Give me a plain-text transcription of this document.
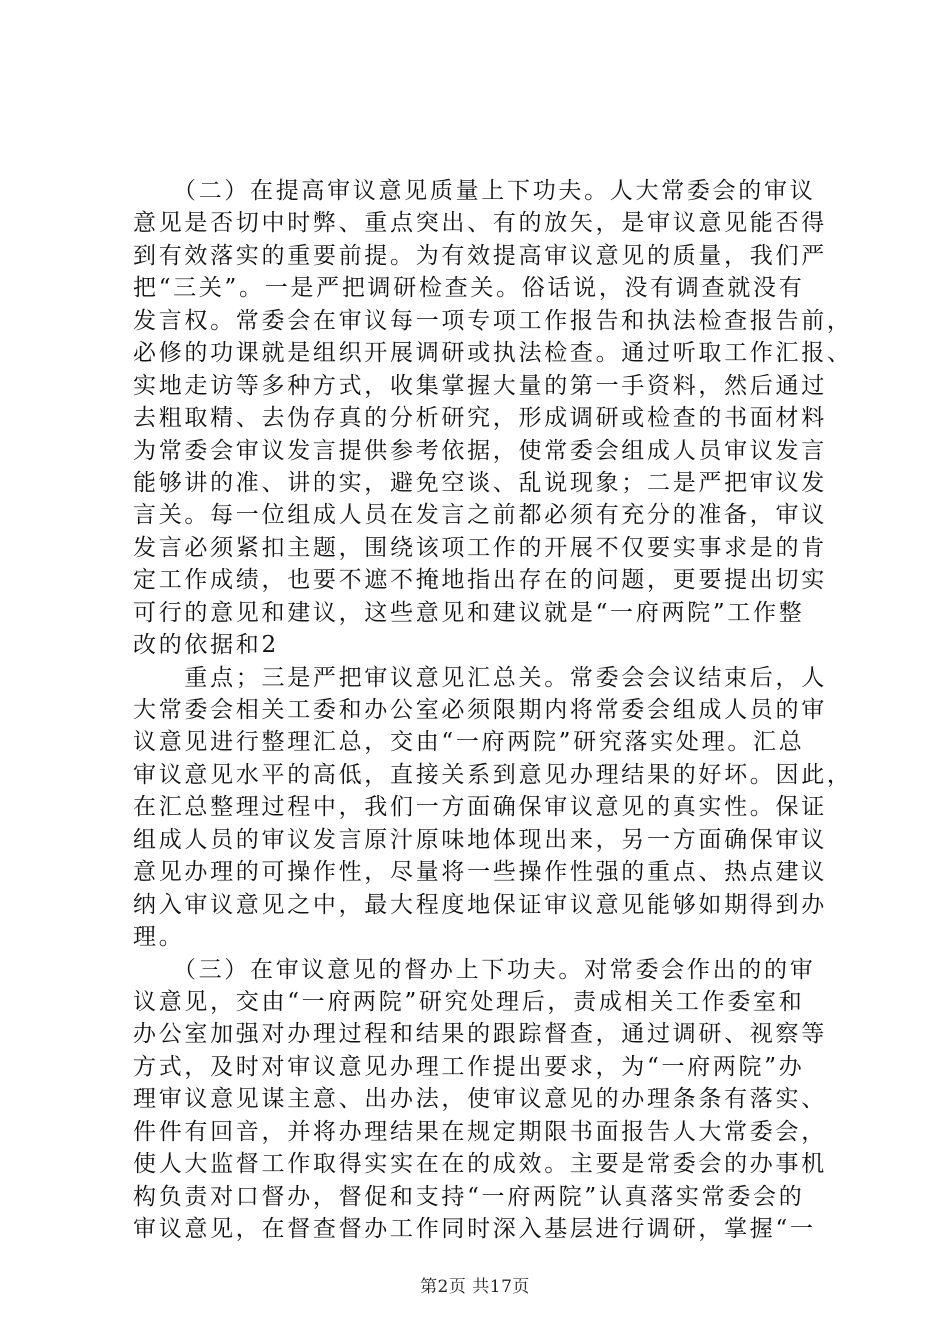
　　（二）在提高审议意见质量上下功夫。人大常委会的审议
意见是否切中时弊、重点突出、有的放矢，是审议意见能否得
到有效落实的重要前提。为有效提高审议意见的质量，我们严
把“三关”。一是严把调研检查关。俗话说，没有调查就没有
发言权。常委会在审议每一项专项工作报告和执法检查报告前，
必修的功课就是组织开展调研或执法检查。通过听取工作汇报、
实地走访等多种方式，收集掌握大量的第一手资料，然后通过
去粗取精、去伪存真的分析研究，形成调研或检查的书面材料
为常委会审议发言提供参考依据，使常委会组成人员审议发言
能够讲的准、讲的实，避免空谈、乱说现象；二是严把审议发
言关。每一位组成人员在发言之前都必须有充分的准备，审议
发言必须紧扣主题，围绕该项工作的开展不仅要实事求是的肯
定工作成绩，也要不遮不掩地指出存在的问题，更要提出切实
可行的意见和建议，这些意见和建议就是“一府两院”工作整
改的依据和2
　　重点；三是严把审议意见汇总关。常委会会议结束后，人
大常委会相关工委和办公室必须限期内将常委会组成人员的审
议意见进行整理汇总，交由“一府两院”研究落实处理。汇总
审议意见水平的高低，直接关系到意见办理结果的好坏。因此，
在汇总整理过程中，我们一方面确保审议意见的真实性。保证
组成人员的审议发言原汁原味地体现出来，另一方面确保审议
意见办理的可操作性，尽量将一些操作性强的重点、热点建议
纳入审议意见之中，最大程度地保证审议意见能够如期得到办
理。
　　（三）在审议意见的督办上下功夫。对常委会作出的的审
议意见，交由“一府两院”研究处理后，责成相关工作委室和
办公室加强对办理过程和结果的跟踪督查，通过调研、视察等
方式，及时对审议意见办理工作提出要求，为“一府两院”办
理审议意见谋主意、出办法，使审议意见的办理条条有落实、
件件有回音，并将办理结果在规定期限书面报告人大常委会，
使人大监督工作取得实实在在的成效。主要是常委会的办事机
构负责对口督办，督促和支持“一府两院”认真落实常委会的
审议意见，在督查督办工作同时深入基层进行调研，掌握“一
第2页 共17页
